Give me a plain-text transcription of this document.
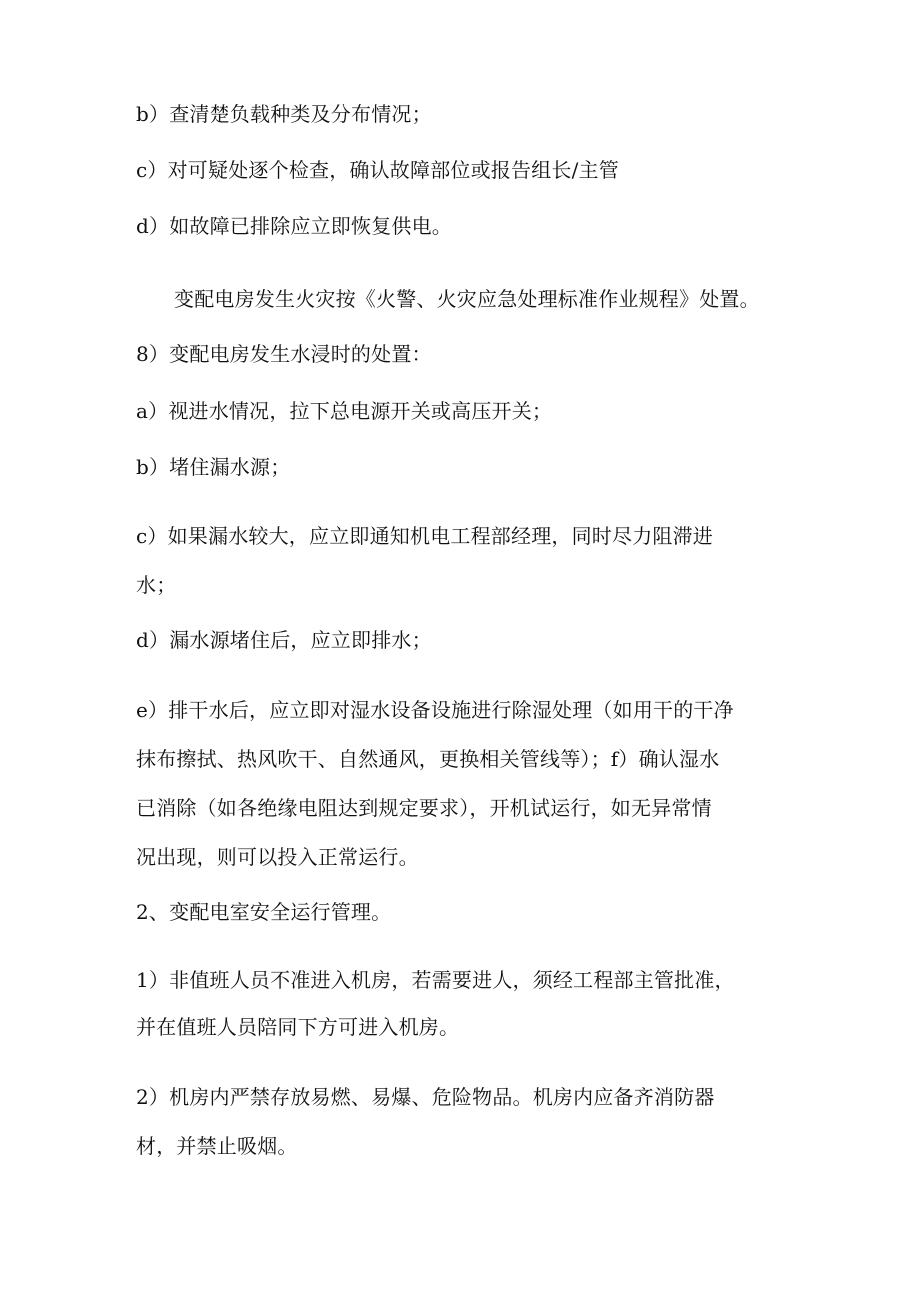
b）查清楚负载种类及分布情况；

c）对可疑处逐个检查，确认故障部位或报告组长/主管

d）如故障已排除应立即恢复供电。

变配电房发生火灾按《火警、火灾应急处理标准作业规程》处置。

8）变配电房发生水浸时的处置：

a）视进水情况，拉下总电源开关或高压开关；

b）堵住漏水源；

c）如果漏水较大，应立即通知机电工程部经理，同时尽力阻滞进

水；

d）漏水源堵住后，应立即排水；

e）排干水后，应立即对湿水设备设施进行除湿处理（如用干的干净

抹布擦拭、热风吹干、自然通风，更换相关管线等）；f）确认湿水

已消除（如各绝缘电阻达到规定要求），开机试运行，如无异常情

况出现，则可以投入正常运行。

2、变配电室安全运行管理。

1）非值班人员不准进入机房，若需要进人，须经工程部主管批准，

并在值班人员陪同下方可进入机房。

2）机房内严禁存放易燃、易爆、危险物品。机房内应备齐消防器

材，并禁止吸烟。
